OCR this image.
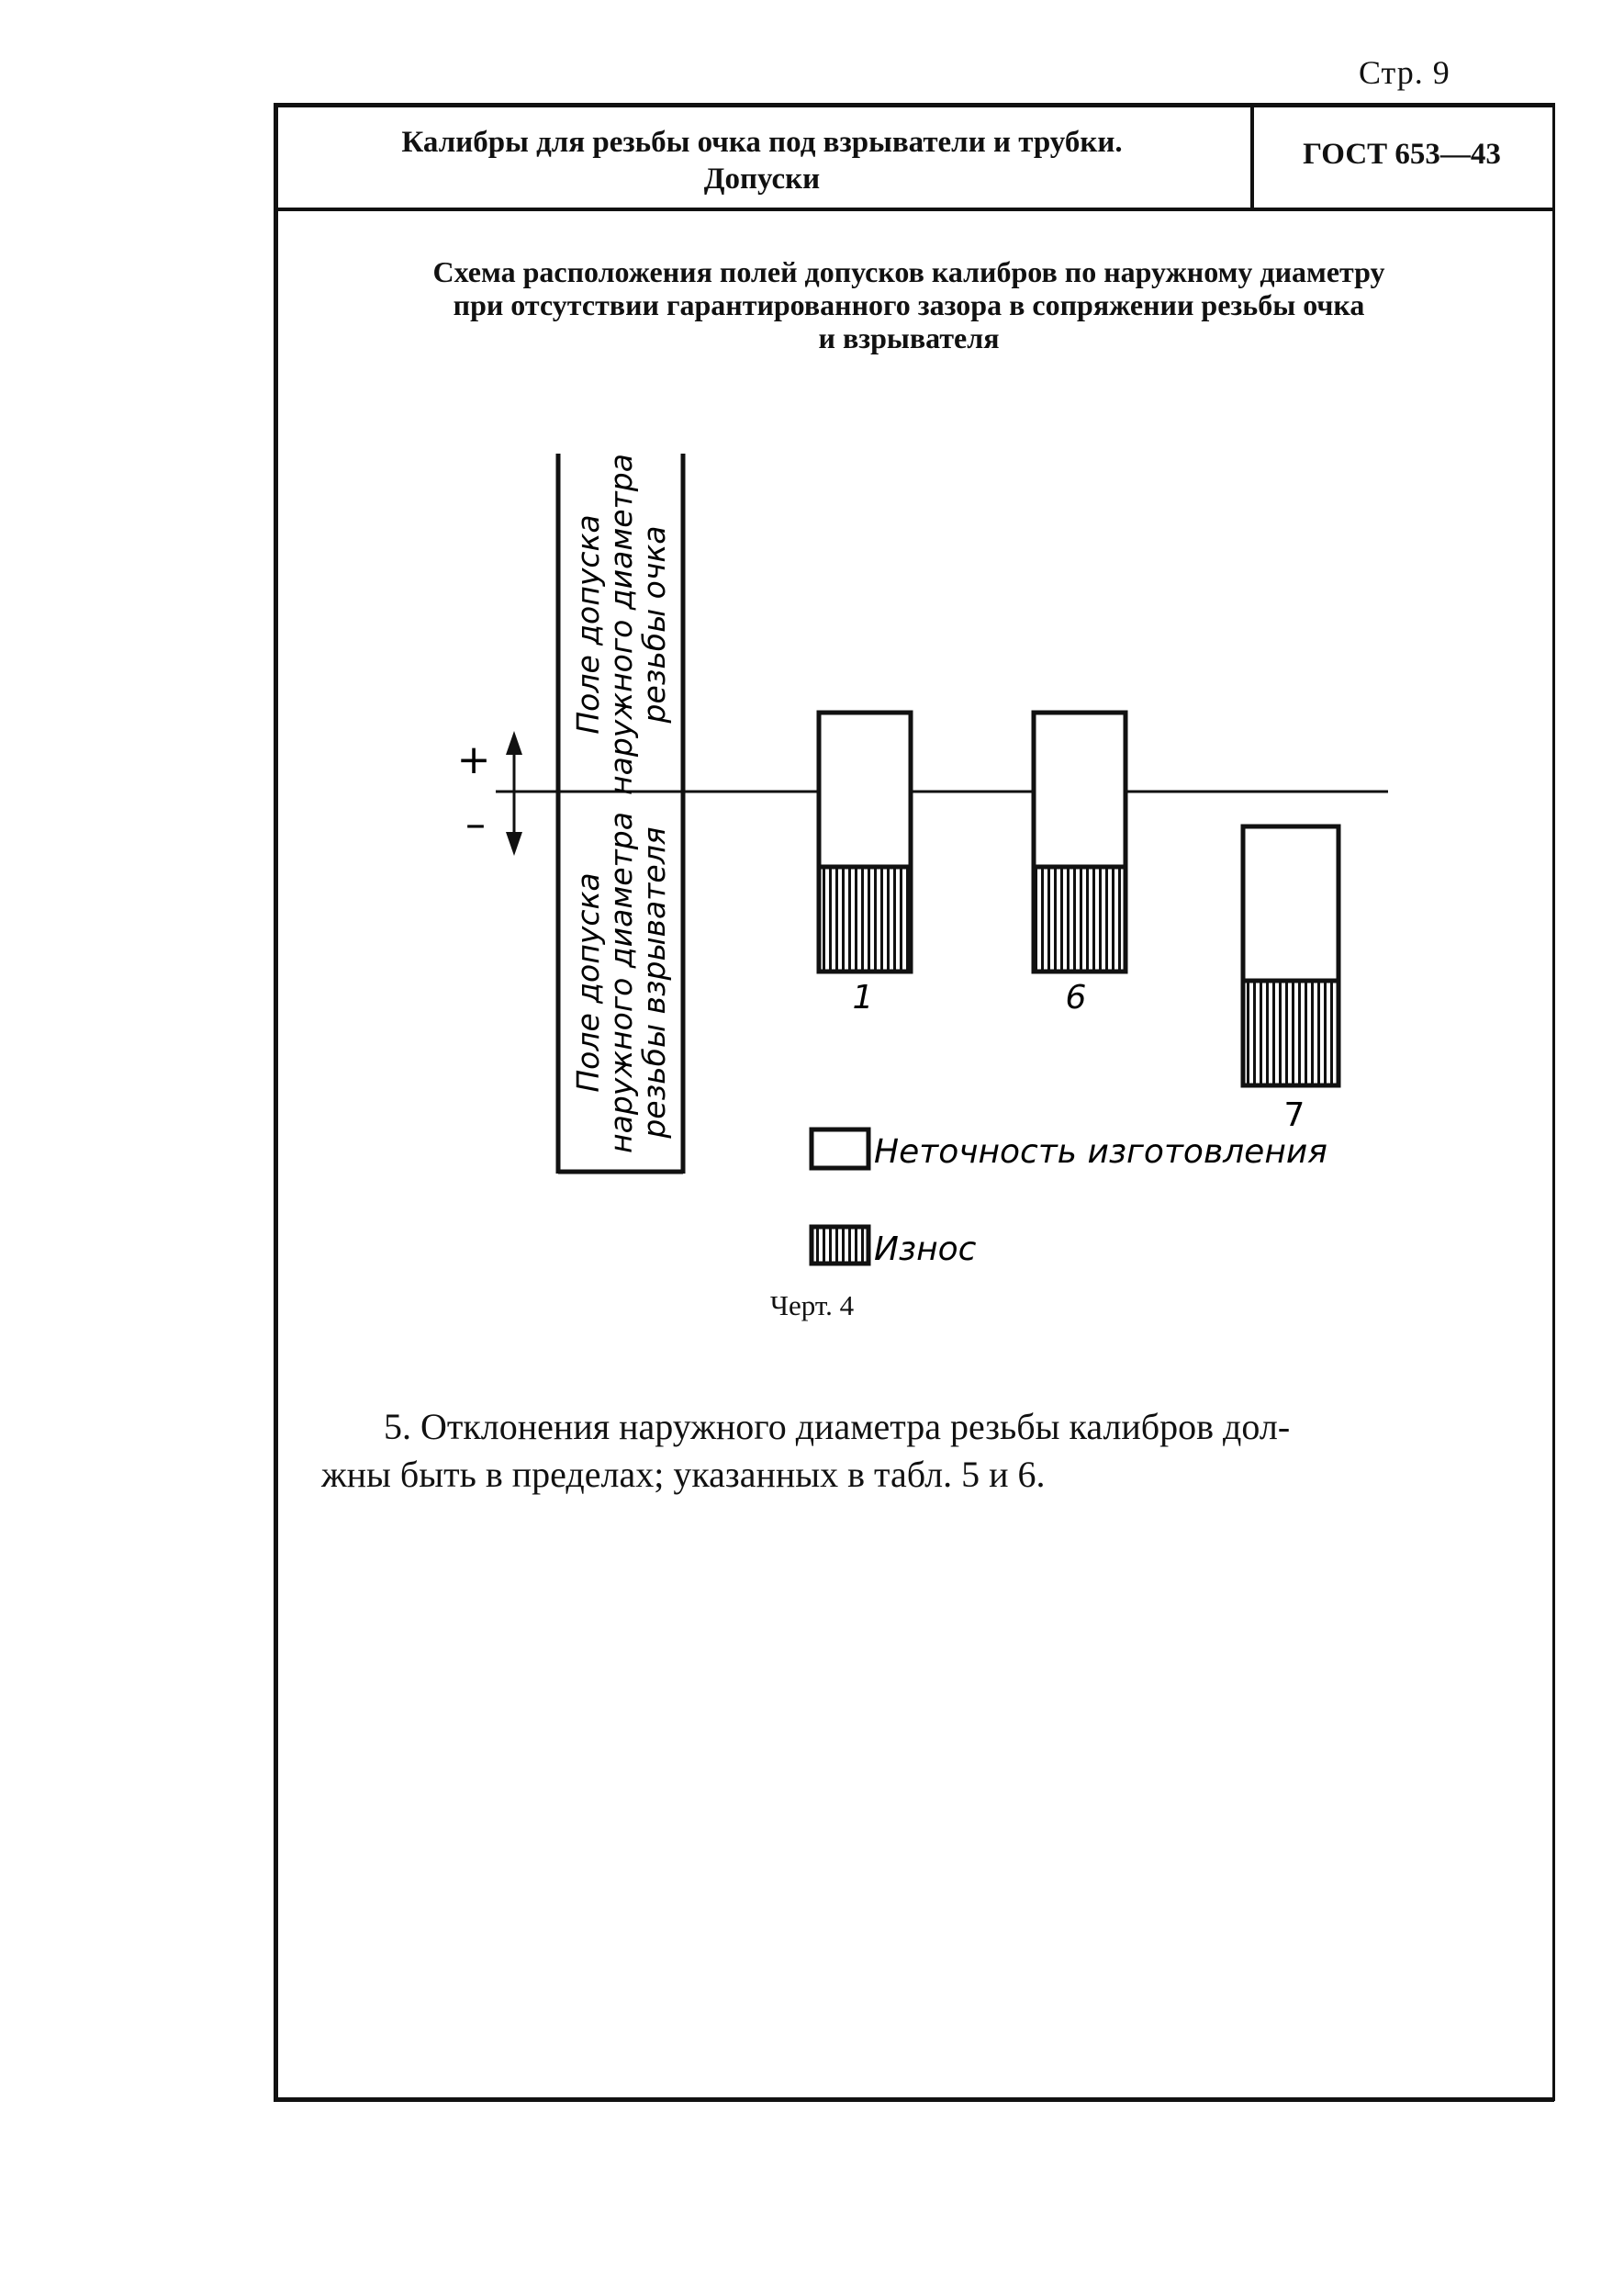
Стр. 9
Калибры для резьбы очка под взрыватели и трубки.
Допуски
ГОСТ 653—43
Схема расположения полей допусков калибров по наружному диаметру
при отсутствии гарантированного зазора в сопряжении резьбы очка
и взрывателя
+
–
Поле допуска
наружного диаметра
резьбы очка
Поле допуска
наружного диаметра
резьбы взрывателя	1	6
7
Неточность изготовления
Износ
Черт. 4
5. Отклонения наружного диаметра резьбы калибров дол-
жны быть в пределах; указанных в табл. 5 и 6.
